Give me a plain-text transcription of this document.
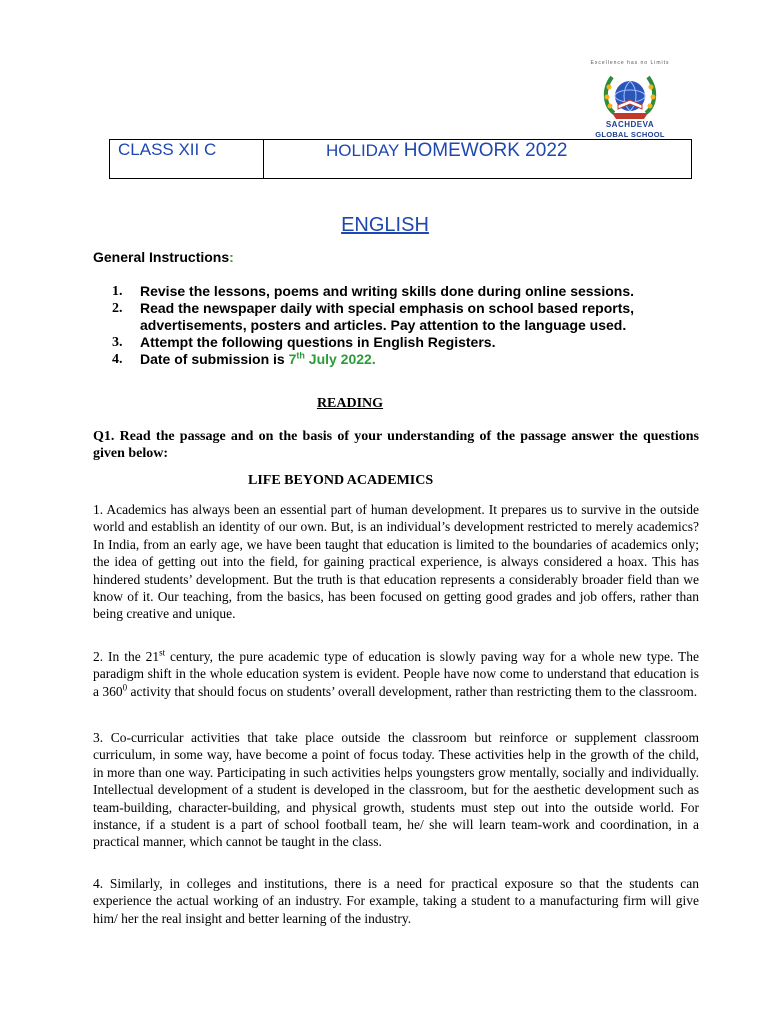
Excellence has no Limits
SACHDEVA
GLOBAL SCHOOL
CLASS XII C	HOLIDAY HOMEWORK 2022
ENGLISH
General Instructions:
1. Revise the lessons, poems and writing skills done during online sessions.
2. Read the newspaper daily with special emphasis on school based reports, advertisements, posters and articles. Pay attention to the language used.
3. Attempt the following questions in English Registers.
4. Date of submission is 7th July 2022.
READING
Q1. Read the passage and on the basis of your understanding of the passage answer the questions given below:
LIFE BEYOND ACADEMICS

1. Academics has always been an essential part of human development. It prepares us to survive in the outside world and establish an identity of our own. But, is an individual’s development restricted to merely academics? In India, from an early age, we have been taught that education is limited to the boundaries of academics only; the idea of getting out into the field, for gaining practical experience, is always considered a hoax. This has hindered students’ development. But the truth is that education represents a considerably broader field than we know of it. Our teaching, from the basics, has been focused on getting good grades and job offers, rather than being creative and unique.

2. In the 21st century, the pure academic type of education is slowly paving way for a whole new type. The paradigm shift in the whole education system is evident. People have now come to understand that education is a $360^0$ activity that should focus on students’ overall development, rather than restricting them to the classroom.

3. Co-curricular activities that take place outside the classroom but reinforce or supplement classroom curriculum, in some way, have become a point of focus today. These activities help in the growth of the child, in more than one way. Participating in such activities helps youngsters grow mentally, socially and individually. Intellectual development of a student is developed in the classroom, but for the aesthetic development such as team-building, character-building, and physical growth, students must step out into the outside world. For instance, if a student is a part of school football team, he/ she will learn team-work and coordination, in a practical manner, which cannot be taught in the class.

4. Similarly, in colleges and institutions, there is a need for practical exposure so that the students can experience the actual working of an industry. For example, taking a student to a manufacturing firm will give him/ her the real insight and better learning of the industry.
